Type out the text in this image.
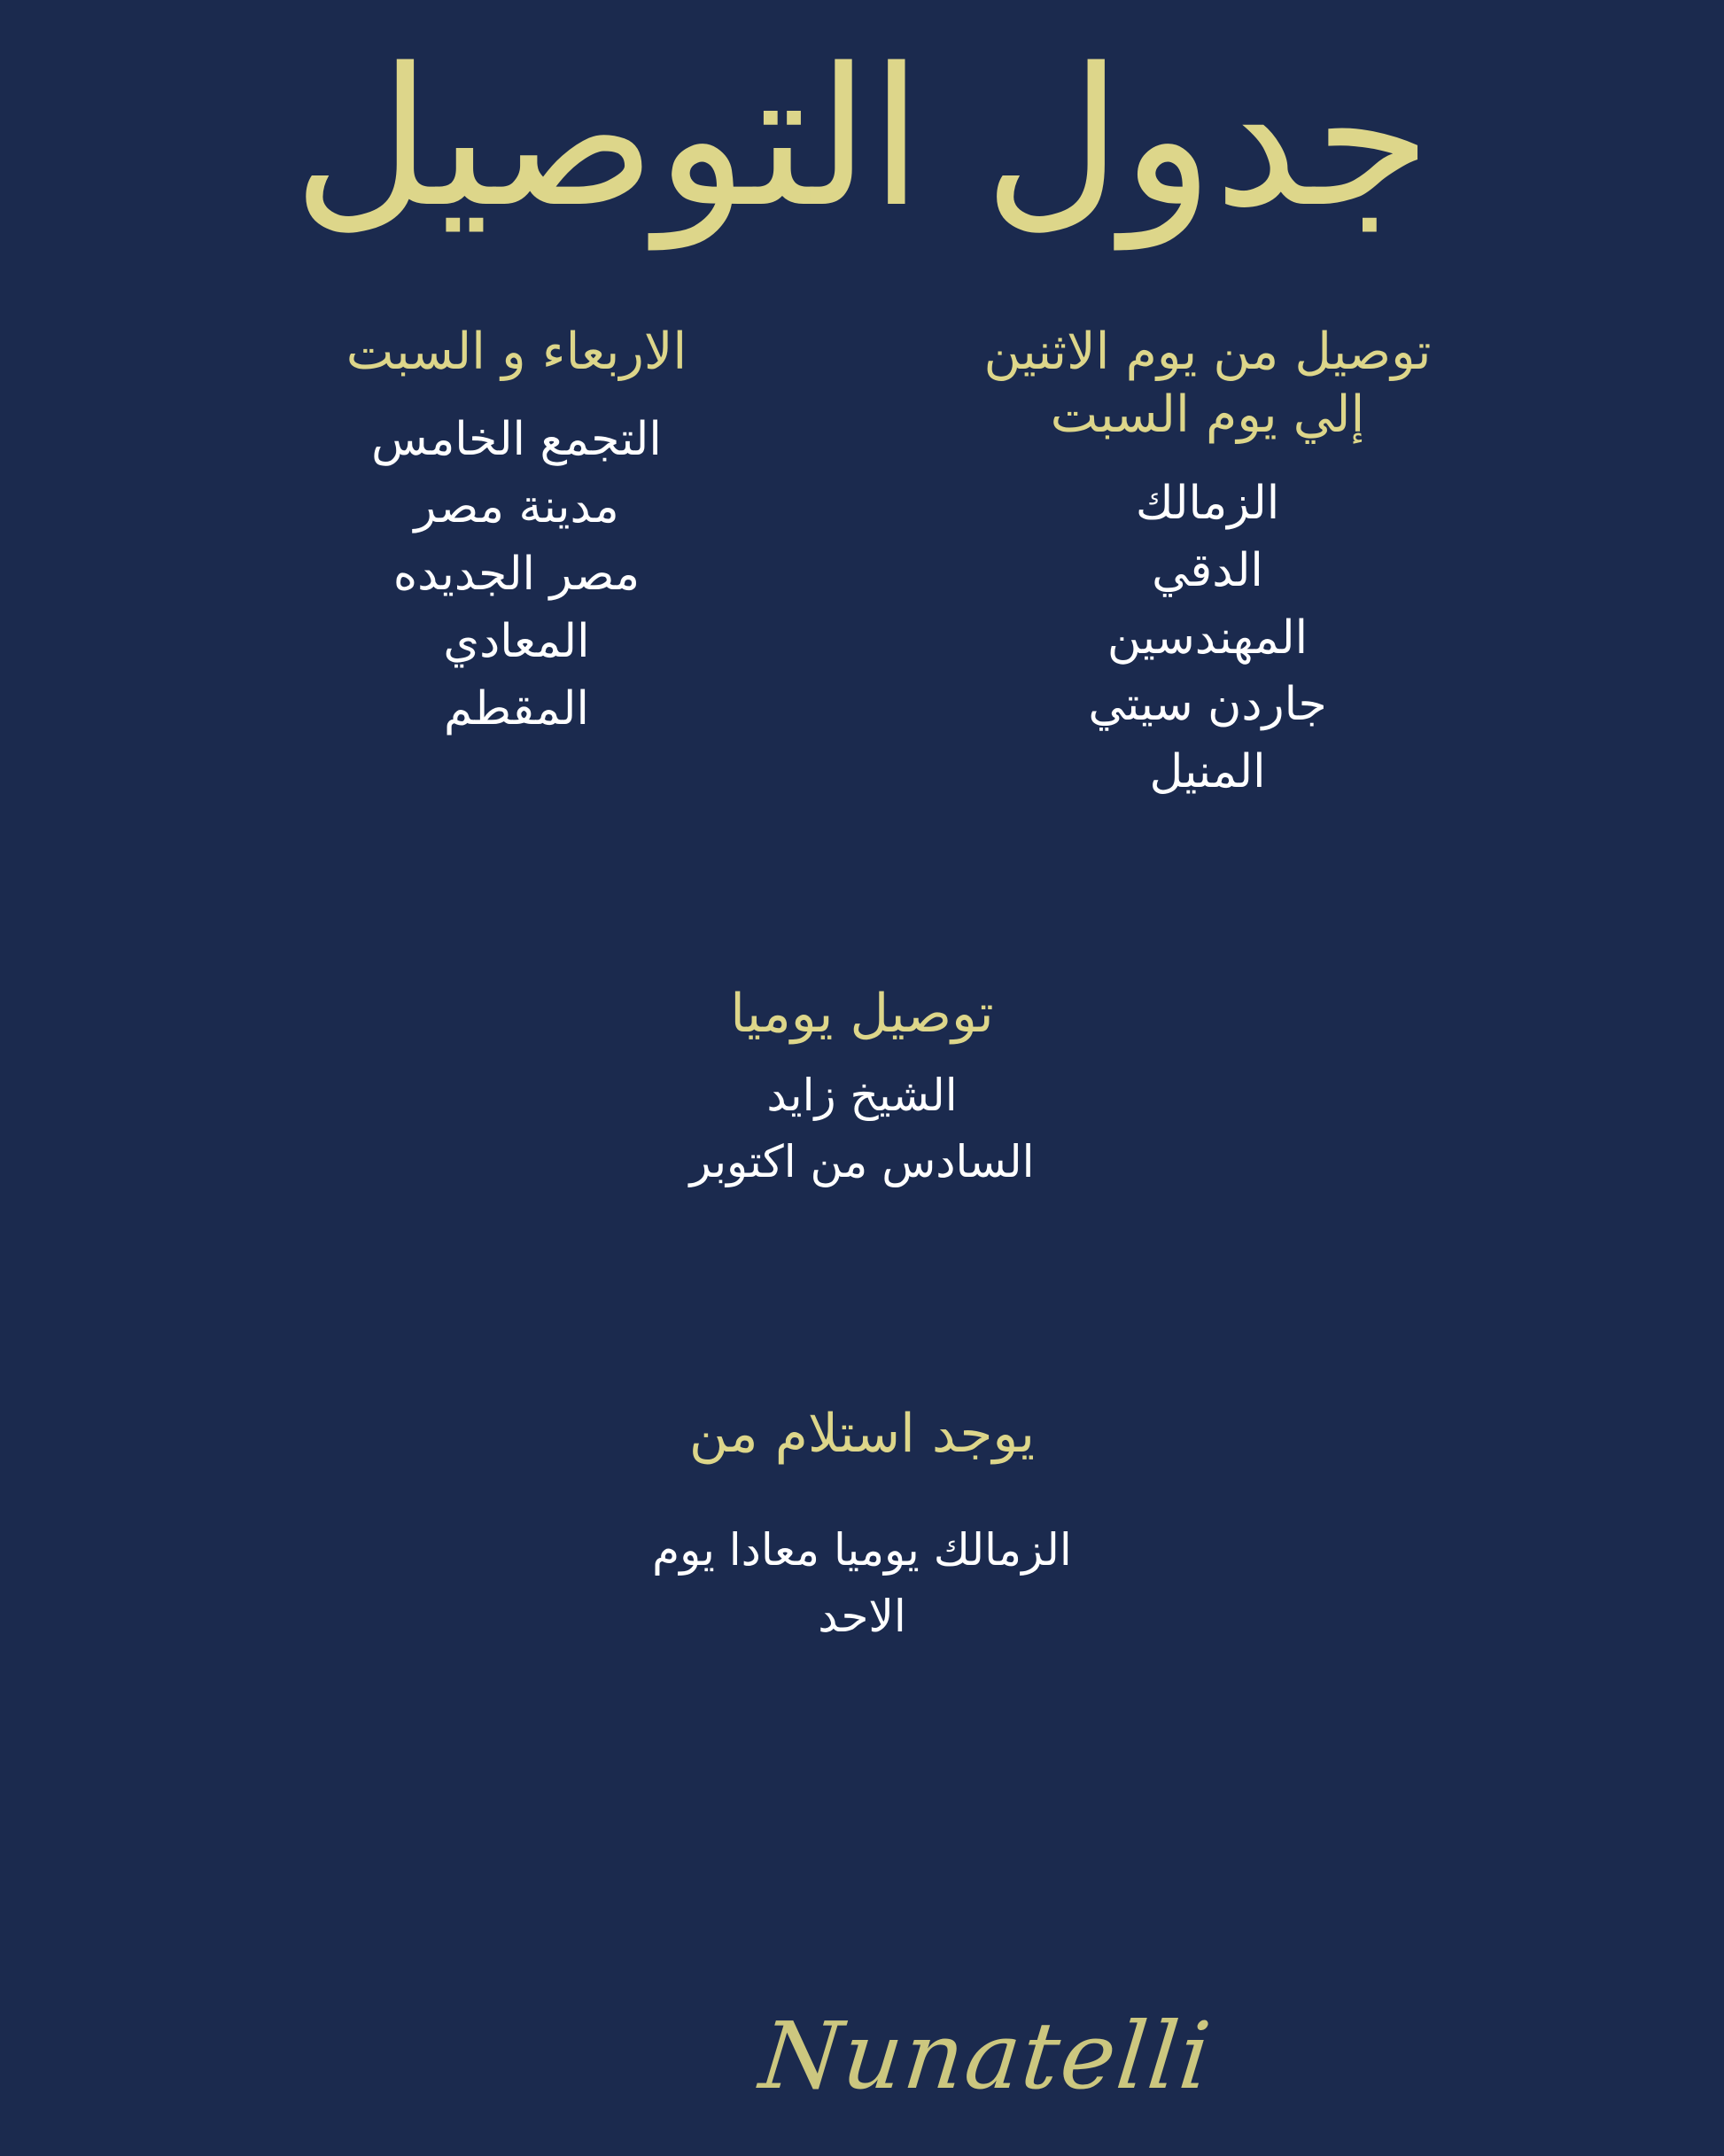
جدول التوصيل
توصيل من يوم الاثنين إلي يوم السبت
الزمالك
الدقي
المهندسين
جاردن سيتي
المنيل
الاربعاء و السبت
التجمع الخامس
مدينة مصر
مصر الجديده
المعادي
المقطم
توصيل يوميا
الشيخ زايد
السادس من اكتوبر
يوجد استلام من
الزمالك يوميا معادا يوم
الاحد
Nunatelli
